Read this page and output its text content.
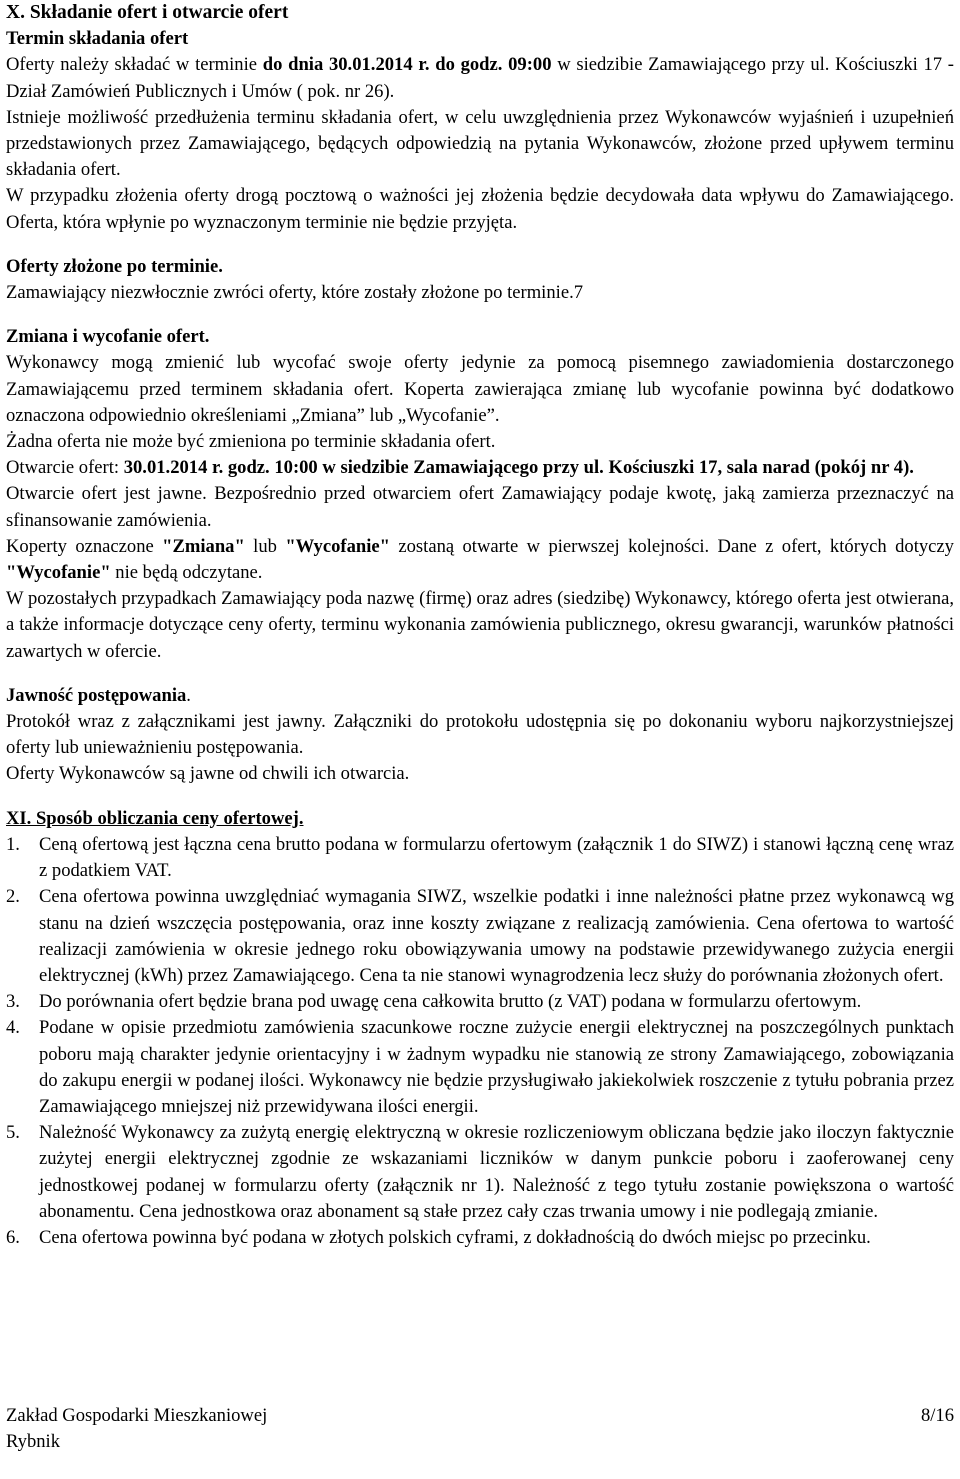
X. Składanie ofert i otwarcie ofert
Termin składania ofert

Oferty należy składać w terminie do dnia 30.01.2014 r. do godz. 09:00 w siedzibie Zamawiającego przy ul. Kościuszki 17 - Dział Zamówień Publicznych i Umów ( pok. nr 26).

Istnieje możliwość przedłużenia terminu składania ofert, w celu uwzględnienia przez Wykonawców wyjaśnień i uzupełnień przedstawionych przez Zamawiającego, będących odpowiedzią na pytania Wykonawców, złożone przed upływem terminu składania ofert.

W przypadku złożenia oferty drogą pocztową o ważności jej złożenia będzie decydowała data wpływu do Zamawiającego. Oferta, która wpłynie po wyznaczonym terminie nie będzie przyjęta.

Oferty złożone po terminie.

Zamawiający niezwłocznie zwróci oferty, które zostały złożone po terminie.7

Zmiana i wycofanie ofert.

Wykonawcy mogą zmienić lub wycofać swoje oferty jedynie za pomocą pisemnego zawiadomienia dostarczonego Zamawiającemu przed terminem składania ofert. Koperta zawierająca zmianę lub wycofanie powinna być dodatkowo oznaczona odpowiednio określeniami „Zmiana” lub „Wycofanie”.

Żadna oferta nie może być zmieniona po terminie składania ofert.

Otwarcie ofert: 30.01.2014 r. godz. 10:00 w siedzibie Zamawiającego przy ul. Kościuszki 17, sala narad (pokój nr 4).

Otwarcie ofert jest jawne. Bezpośrednio przed otwarciem ofert Zamawiający podaje kwotę, jaką zamierza przeznaczyć na sfinansowanie zamówienia.

Koperty oznaczone "Zmiana" lub "Wycofanie" zostaną otwarte w pierwszej kolejności. Dane z ofert, których dotyczy "Wycofanie" nie będą odczytane.

W pozostałych przypadkach Zamawiający poda nazwę (firmę) oraz adres (siedzibę) Wykonawcy, którego oferta jest otwierana, a także informacje dotyczące ceny oferty, terminu wykonania zamówienia publicznego, okresu gwarancji, warunków płatności zawartych w ofercie.

Jawność postępowania.

Protokół wraz z załącznikami jest jawny. Załączniki do protokołu udostępnia się po dokonaniu wyboru najkorzystniejszej oferty lub unieważnieniu postępowania.

Oferty Wykonawców są jawne od chwili ich otwarcia.

XI. Sposób obliczania ceny ofertowej.
1. Ceną ofertową jest łączna cena brutto podana w formularzu ofertowym (załącznik 1 do SIWZ) i stanowi łączną cenę wraz z podatkiem VAT.
2. Cena ofertowa powinna uwzględniać wymagania SIWZ, wszelkie podatki i inne należności płatne przez wykonawcą wg stanu na dzień wszczęcia postępowania, oraz inne koszty związane z realizacją zamówienia. Cena ofertowa to wartość realizacji zamówienia w okresie jednego roku obowiązywania umowy na podstawie przewidywanego zużycia energii elektrycznej (kWh) przez Zamawiającego. Cena ta nie stanowi wynagrodzenia lecz służy do porównania złożonych ofert.
3. Do porównania ofert będzie brana pod uwagę cena całkowita brutto (z VAT) podana w formularzu ofertowym.
4. Podane w opisie przedmiotu zamówienia szacunkowe roczne zużycie energii elektrycznej na poszczególnych punktach poboru mają charakter jedynie orientacyjny i w żadnym wypadku nie stanowią ze strony Zamawiającego, zobowiązania do zakupu energii w podanej ilości. Wykonawcy nie będzie przysługiwało jakiekolwiek roszczenie z tytułu pobrania przez Zamawiającego mniejszej niż przewidywana ilości energii.
5. Należność Wykonawcy za zużytą energię elektryczną w okresie rozliczeniowym obliczana będzie jako iloczyn faktycznie zużytej energii elektrycznej zgodnie ze wskazaniami liczników w danym punkcie poboru i zaoferowanej ceny jednostkowej podanej w formularzu oferty (załącznik nr 1). Należność z tego tytułu zostanie powiększona o wartość abonamentu. Cena jednostkowa oraz abonament są stałe przez cały czas trwania umowy i nie podlegają zmianie.
6. Cena ofertowa powinna być podana w złotych polskich cyframi, z dokładnością do dwóch miejsc po przecinku.
Zakład Gospodarki Mieszkaniowej
Rybnik
8/16
